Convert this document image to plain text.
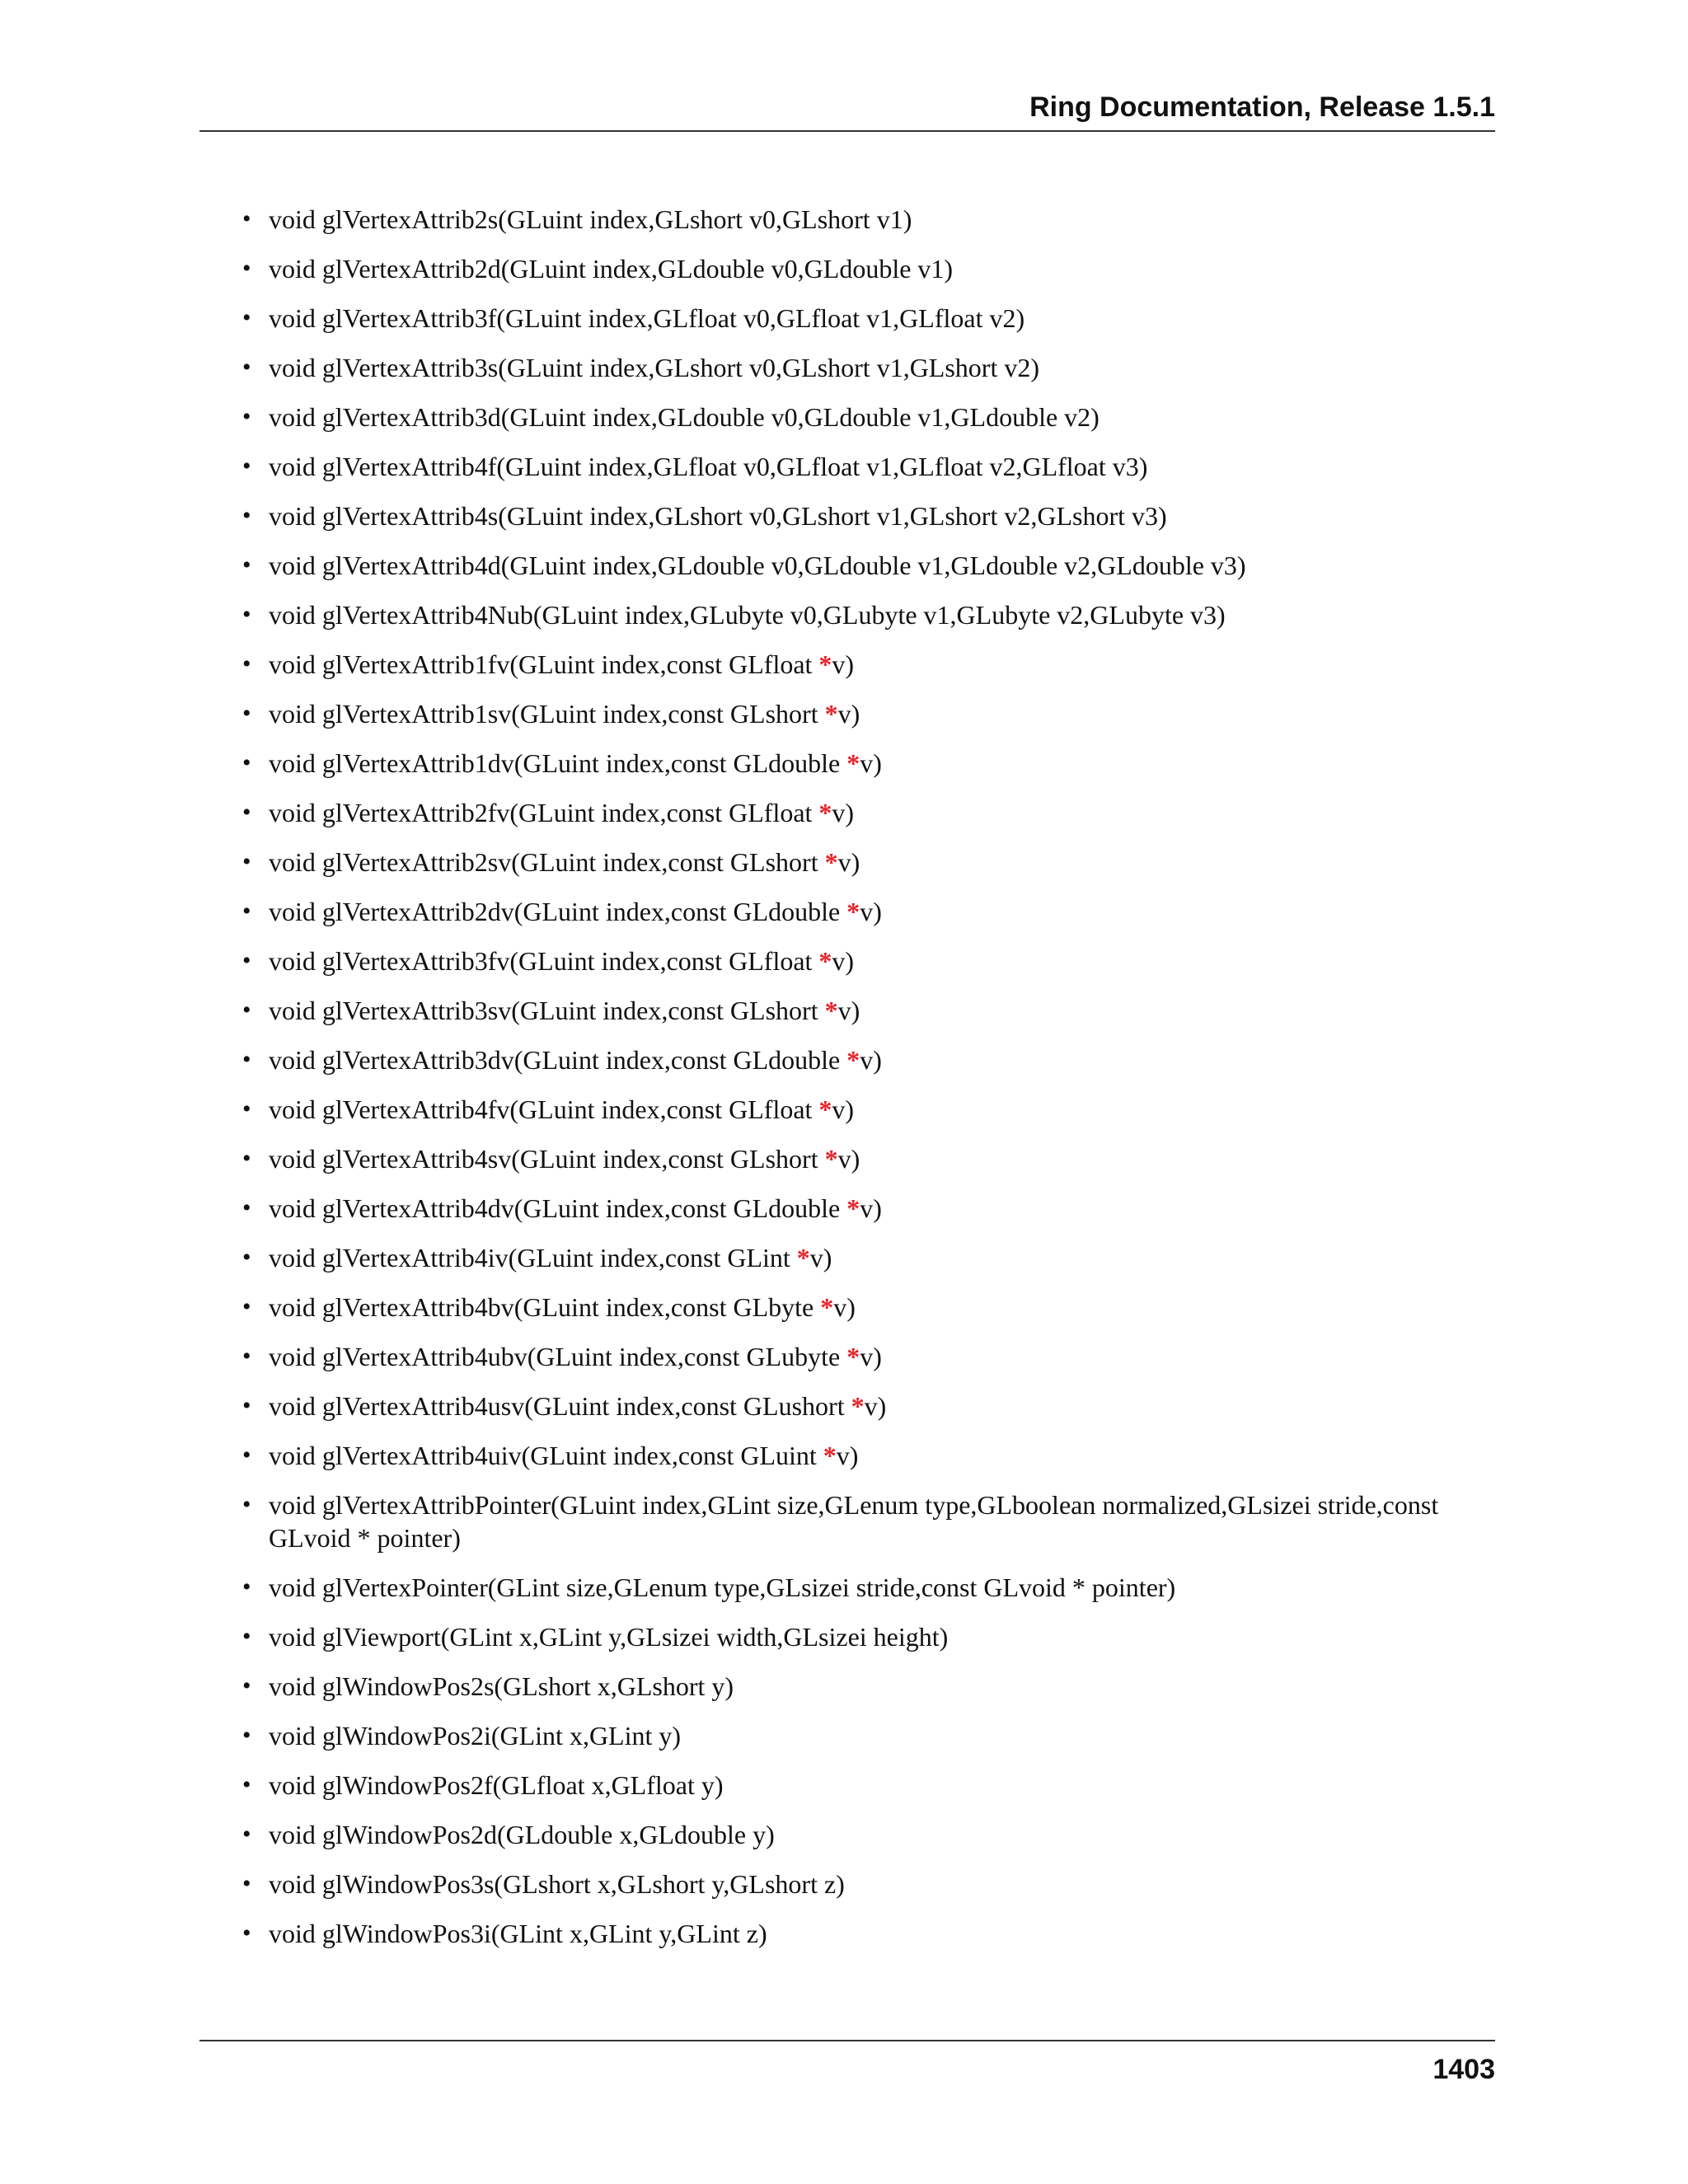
Ring Documentation, Release 1.5.1
• void glVertexAttrib2s(GLuint index,GLshort v0,GLshort v1)
• void glVertexAttrib2d(GLuint index,GLdouble v0,GLdouble v1)
• void glVertexAttrib3f(GLuint index,GLfloat v0,GLfloat v1,GLfloat v2)
• void glVertexAttrib3s(GLuint index,GLshort v0,GLshort v1,GLshort v2)
• void glVertexAttrib3d(GLuint index,GLdouble v0,GLdouble v1,GLdouble v2)
• void glVertexAttrib4f(GLuint index,GLfloat v0,GLfloat v1,GLfloat v2,GLfloat v3)
• void glVertexAttrib4s(GLuint index,GLshort v0,GLshort v1,GLshort v2,GLshort v3)
• void glVertexAttrib4d(GLuint index,GLdouble v0,GLdouble v1,GLdouble v2,GLdouble v3)
• void glVertexAttrib4Nub(GLuint index,GLubyte v0,GLubyte v1,GLubyte v2,GLubyte v3)
• void glVertexAttrib1fv(GLuint index,const GLfloat *v)
• void glVertexAttrib1sv(GLuint index,const GLshort *v)
• void glVertexAttrib1dv(GLuint index,const GLdouble *v)
• void glVertexAttrib2fv(GLuint index,const GLfloat *v)
• void glVertexAttrib2sv(GLuint index,const GLshort *v)
• void glVertexAttrib2dv(GLuint index,const GLdouble *v)
• void glVertexAttrib3fv(GLuint index,const GLfloat *v)
• void glVertexAttrib3sv(GLuint index,const GLshort *v)
• void glVertexAttrib3dv(GLuint index,const GLdouble *v)
• void glVertexAttrib4fv(GLuint index,const GLfloat *v)
• void glVertexAttrib4sv(GLuint index,const GLshort *v)
• void glVertexAttrib4dv(GLuint index,const GLdouble *v)
• void glVertexAttrib4iv(GLuint index,const GLint *v)
• void glVertexAttrib4bv(GLuint index,const GLbyte *v)
• void glVertexAttrib4ubv(GLuint index,const GLubyte *v)
• void glVertexAttrib4usv(GLuint index,const GLushort *v)
• void glVertexAttrib4uiv(GLuint index,const GLuint *v)
• void glVertexAttribPointer(GLuint index,GLint size,GLenum type,GLboolean normalized,GLsizei stride,const GLvoid * pointer)
• void glVertexPointer(GLint size,GLenum type,GLsizei stride,const GLvoid * pointer)
• void glViewport(GLint x,GLint y,GLsizei width,GLsizei height)
• void glWindowPos2s(GLshort x,GLshort y)
• void glWindowPos2i(GLint x,GLint y)
• void glWindowPos2f(GLfloat x,GLfloat y)
• void glWindowPos2d(GLdouble x,GLdouble y)
• void glWindowPos3s(GLshort x,GLshort y,GLshort z)
• void glWindowPos3i(GLint x,GLint y,GLint z)
1403
